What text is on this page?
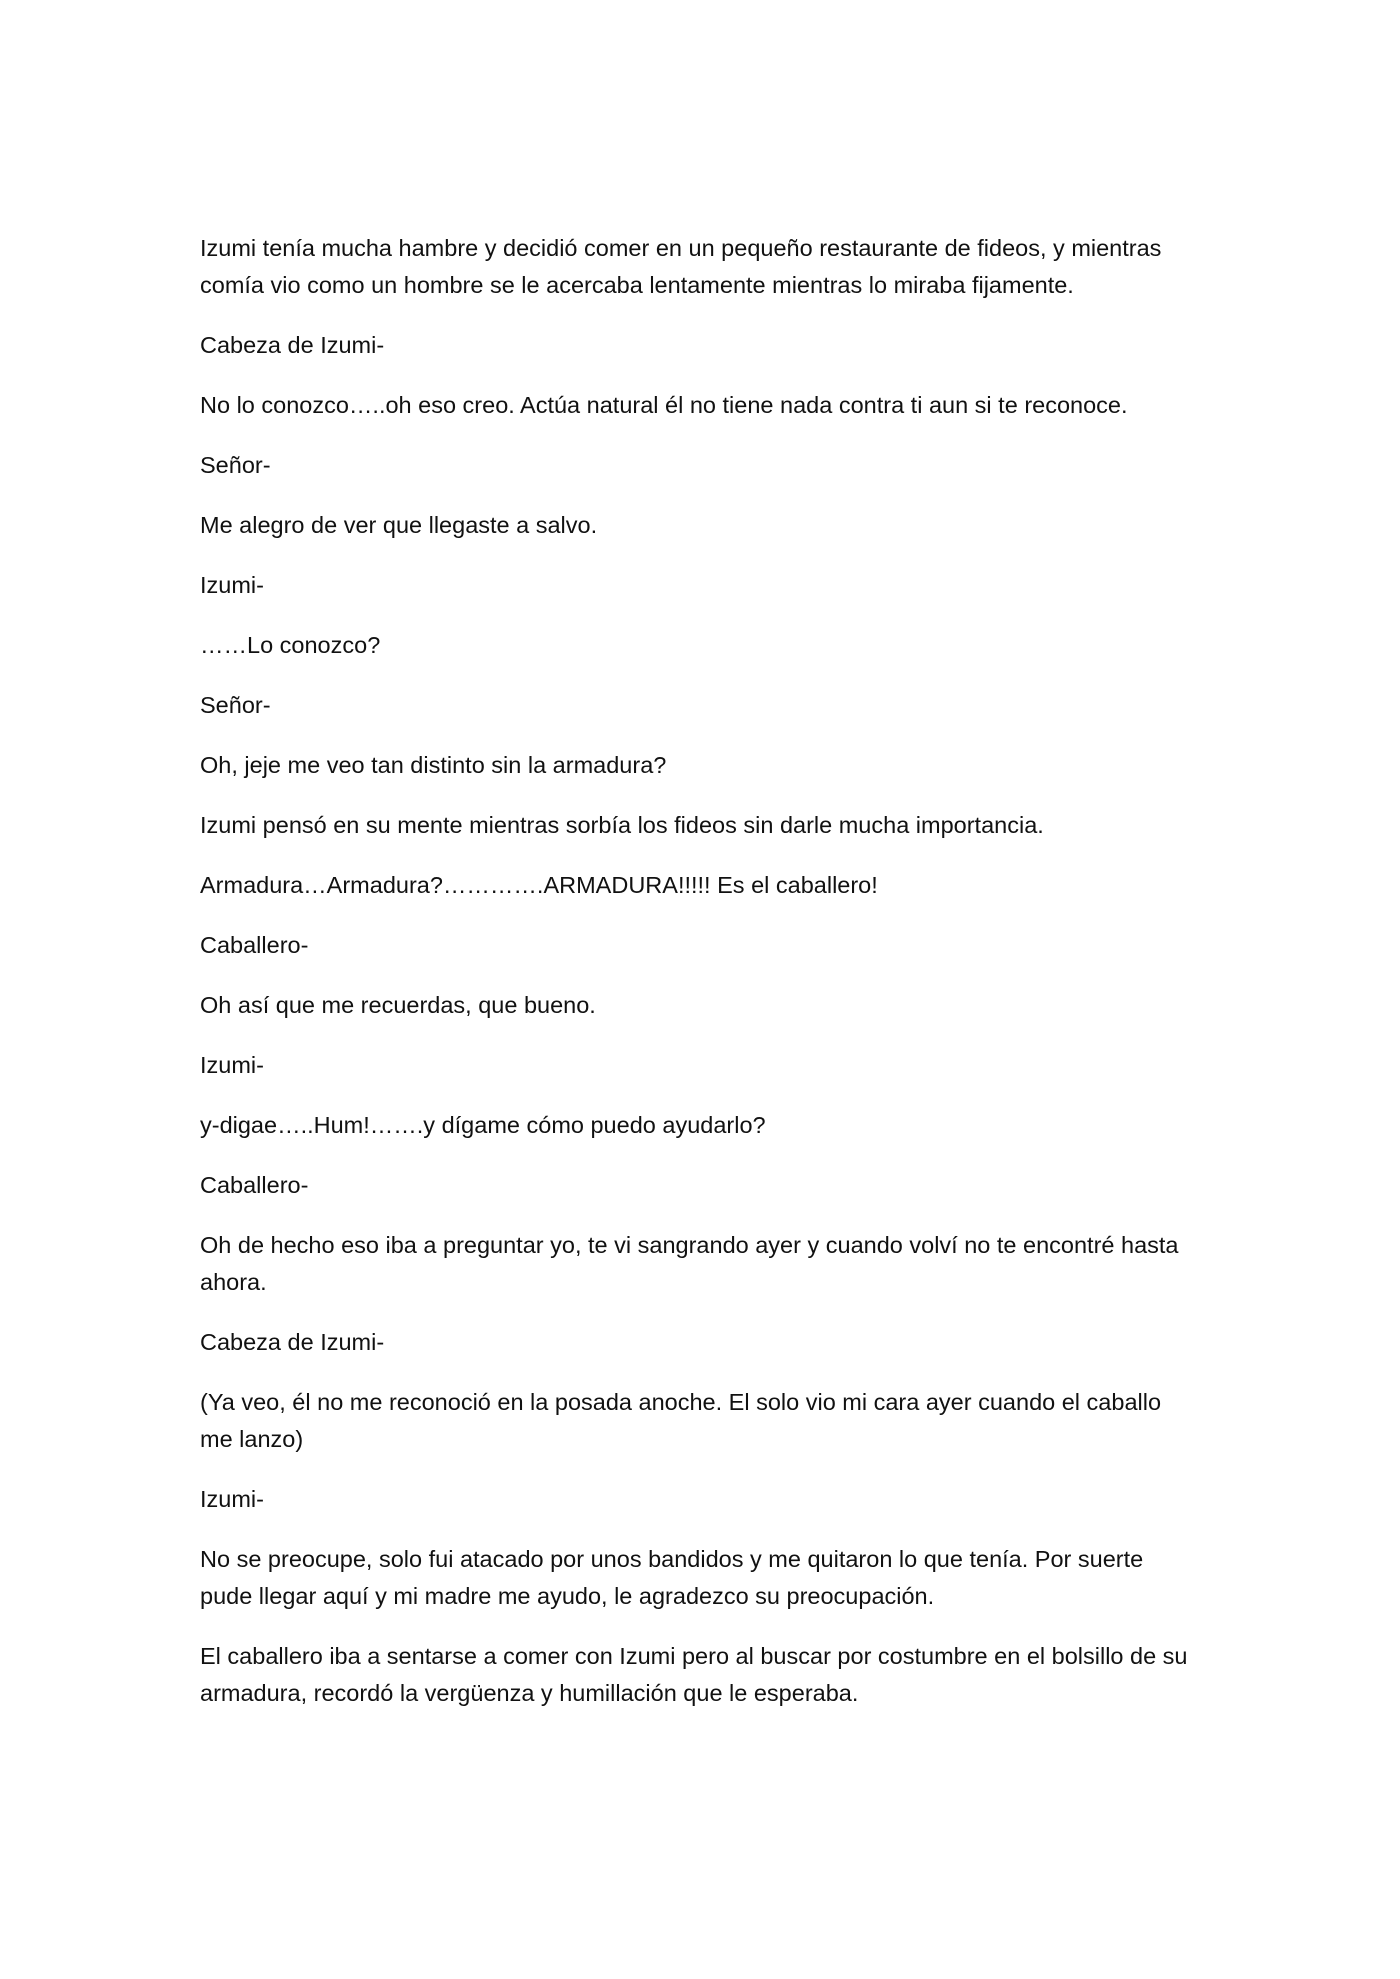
Izumi tenía mucha hambre y decidió comer en un pequeño restaurante de fideos, y mientras comía vio como un hombre se le acercaba lentamente mientras lo miraba fijamente.

Cabeza de Izumi-

No lo conozco…..oh eso creo. Actúa natural él no tiene nada contra ti aun si te reconoce.

Señor-

Me alegro de ver que llegaste a salvo.

Izumi-

……Lo conozco?

Señor-

Oh, jeje me veo tan distinto sin la armadura?

Izumi pensó en su mente mientras sorbía los fideos sin darle mucha importancia.

Armadura…Armadura?………….ARMADURA!!!!! Es el caballero!

Caballero-

Oh así que me recuerdas, que bueno.

Izumi-

y-digae…..Hum!…….y dígame cómo puedo ayudarlo?

Caballero-

Oh de hecho eso iba a preguntar yo, te vi sangrando ayer y cuando volví no te encontré hasta ahora.

Cabeza de Izumi-

(Ya veo, él no me reconoció en la posada anoche. El solo vio mi cara ayer cuando el caballo me lanzo)

Izumi-

No se preocupe, solo fui atacado por unos bandidos y me quitaron lo que tenía. Por suerte pude llegar aquí y mi madre me ayudo, le agradezco su preocupación.

El caballero iba a sentarse a comer con Izumi pero al buscar por costumbre en el bolsillo de su armadura, recordó la vergüenza y humillación que le esperaba.
